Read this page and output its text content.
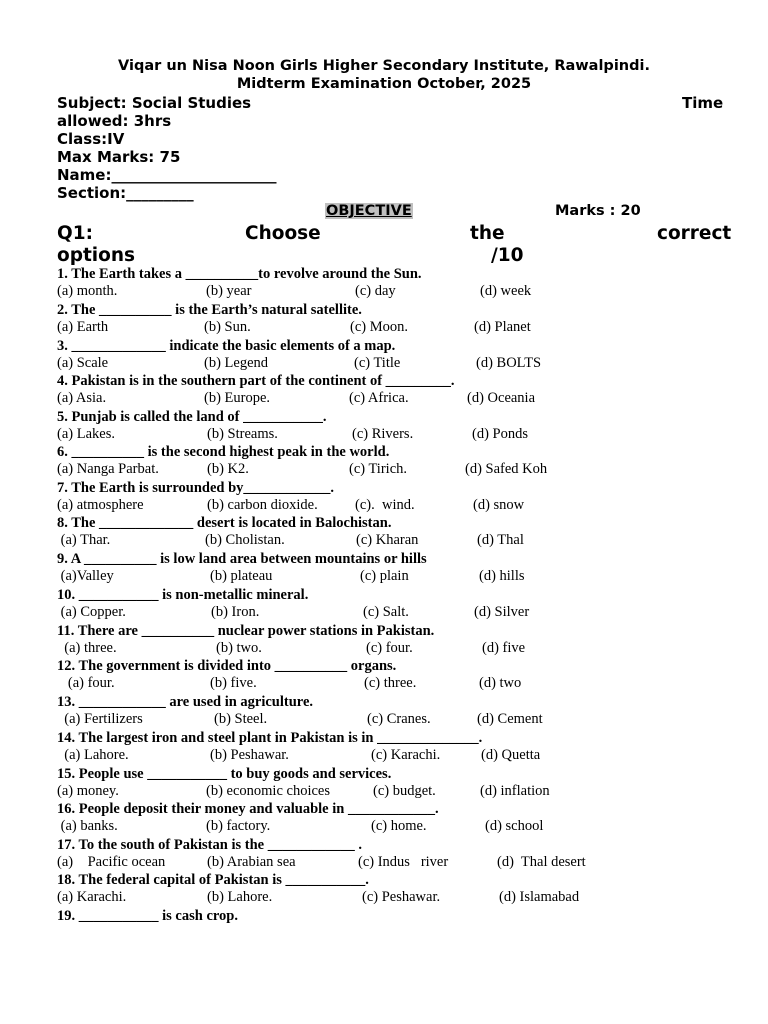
Viqar un Nisa Noon Girls Higher Secondary Institute, Rawalpindi.
Midterm Examination October, 2025
Subject: Social Studies	Time
allowed: 3hrs
Class:IV
Max Marks: 75
Name:______________________
Section:_________
OBJECTIVE	Marks : 20
Q1:	Choose	the	correct
options	/10
1. The Earth takes a __________to revolve around the Sun.
(a) month.	(b) year	(c) day	(d) week
2. The __________ is the Earth’s natural satellite.
(a) Earth	(b) Sun.	(c) Moon.	(d) Planet
3. _____________ indicate the basic elements of a map.
(a) Scale	(b) Legend	(c) Title	(d) BOLTS
4. Pakistan is in the southern part of the continent of _________.
(a) Asia.	(b) Europe.	(c) Africa.	(d) Oceania
5. Punjab is called the land of ___________.
(a) Lakes.	(b) Streams.	(c) Rivers.	(d) Ponds
6. __________ is the second highest peak in the world.
(a) Nanga Parbat.	(b) K2.	(c) Tirich.	(d) Safed Koh
7. The Earth is surrounded by____________.
(a) atmosphere	(b) carbon dioxide.	(c).  wind.	(d) snow
8. The _____________ desert is located in Balochistan.
(a) Thar.	(b) Cholistan.	(c) Kharan	(d) Thal
9. A __________ is low land area between mountains or hills
(a)Valley	(b) plateau	(c) plain	(d) hills
10. ___________ is non-metallic mineral.
(a) Copper.	(b) Iron.	(c) Salt.	(d) Silver
11. There are __________ nuclear power stations in Pakistan.
(a) three.	(b) two.	(c) four.	(d) five
12. The government is divided into __________ organs.
(a) four.	(b) five.	(c) three.	(d) two
13. ____________ are used in agriculture.
(a) Fertilizers	(b) Steel.	(c) Cranes.	(d) Cement
14. The largest iron and steel plant in Pakistan is in ______________.
(a) Lahore.	(b) Peshawar.	(c) Karachi.	(d) Quetta
15. People use ___________ to buy goods and services.
(a) money.	(b) economic choices	(c) budget.	(d) inflation
16. People deposit their money and valuable in ____________.
(a) banks.	(b) factory.	(c) home.	(d) school
17. To the south of Pakistan is the ____________ .
(a)    Pacific ocean	(b) Arabian sea	(c) Indus   river	(d)  Thal desert
18. The federal capital of Pakistan is ___________.
(a) Karachi.	(b) Lahore.	(c) Peshawar.	(d) Islamabad
19. ___________ is cash crop.
